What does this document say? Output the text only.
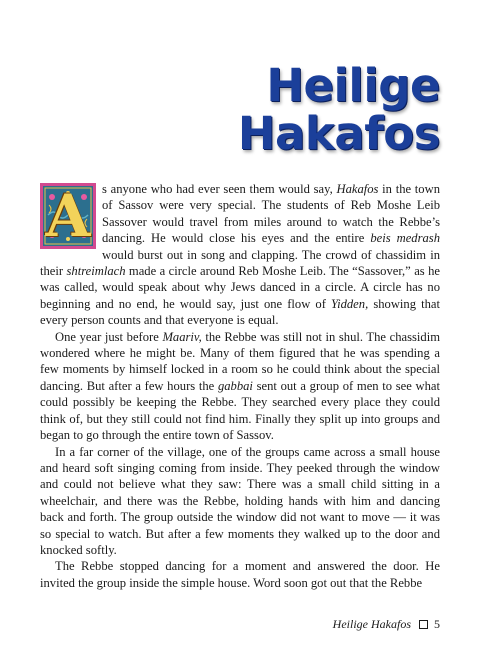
Heilige
Hakafos

A s anyone who had ever seen them would say, Hakafos in the town of Sassov were very special. The students of Reb Moshe Leib Sassover would travel from miles around to watch the Rebbe’s dancing. He would close his eyes and the entire beis medrash would burst out in song and clapping. The crowd of chassidim in their shtreimlach made a circle around Reb Moshe Leib. The “Sassover,” as he was called, would speak about why Jews danced in a circle. A circle has no beginning and no end, he would say, just one flow of Yidden, showing that every person counts and that everyone is equal.

One year just before Maariv, the Rebbe was still not in shul. The chassidim wondered where he might be. Many of them figured that he was spending a few moments by himself locked in a room so he could think about the special dancing. But after a few hours the gabbai sent out a group of men to see what could possibly be keeping the Rebbe. They searched every place they could think of, but they still could not find him. Finally they split up into groups and began to go through the entire town of Sassov.

In a far corner of the village, one of the groups came across a small house and heard soft singing coming from inside. They peeked through the window and could not believe what they saw: There was a small child sitting in a wheelchair, and there was the Rebbe, holding hands with him and dancing back and forth. The group outside the window did not want to move — it was so special to watch. But after a few moments they walked up to the door and knocked softly.

The Rebbe stopped dancing for a moment and answered the door. He invited the group inside the simple house. Word soon got out that the Rebbe

Heilige Hakafos 5
